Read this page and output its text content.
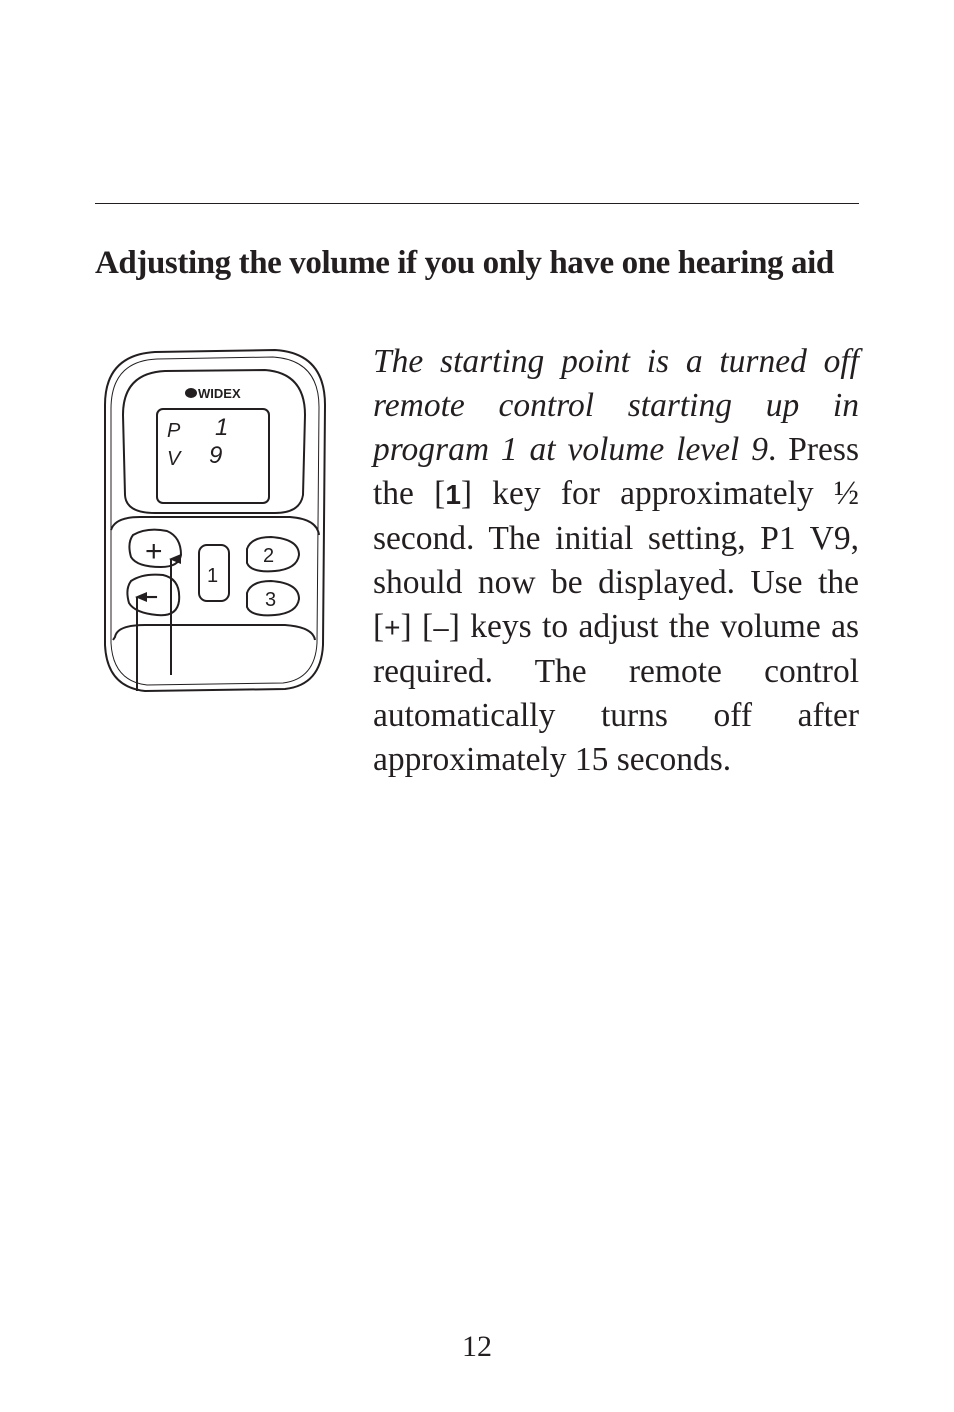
Adjusting the volume if you only have one hearing aid
WIDEX
P 1
V 9
+
−
1
2
3

The starting point is a turned off remote control starting up in program 1 at volume level 9. Press the [1] key for approximately ½ second. The initial setting, P1 V9, should now be displayed. Use the [+] [–] keys to adjust the volume as required. The remote control automatically turns off after approximately 15 seconds.

12
